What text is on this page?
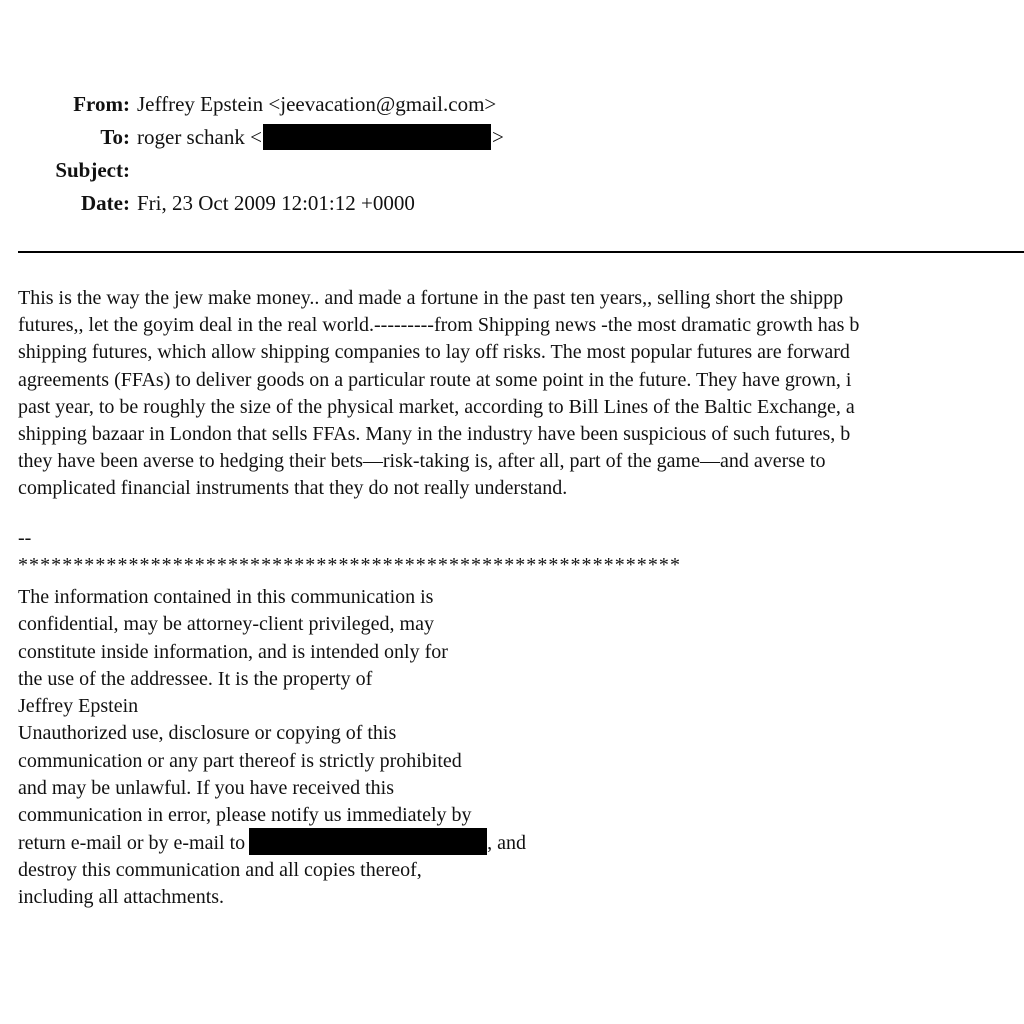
From: Jeffrey Epstein <jeevacation@gmail.com>
To: roger schank <	>
Subject:
Date: Fri, 23 Oct 2009 12:01:12 +0000
This is the way the jew make money.. and made a fortune in the past ten years,, selling short the shippp
futures,, let the goyim deal in the real world.---------from Shipping news -the most dramatic growth has b
shipping futures, which allow shipping companies to lay off risks. The most popular futures are forward
agreements (FFAs) to deliver goods on a particular route at some point in the future. They have grown, i
past year, to be roughly the size of the physical market, according to Bill Lines of the Baltic Exchange, a
shipping bazaar in London that sells FFAs. Many in the industry have been suspicious of such futures, b
they have been averse to hedging their bets—risk-taking is, after all, part of the game—and averse to
complicated financial instruments that they do not really understand.
--
************************************************************
The information contained in this communication is
confidential, may be attorney-client privileged, may
constitute inside information, and is intended only for
the use of the addressee. It is the property of
Jeffrey Epstein
Unauthorized use, disclosure or copying of this
communication or any part thereof is strictly prohibited
and may be unlawful. If you have received this
communication in error, please notify us immediately by
return e-mail or by e-mail to	, and
destroy this communication and all copies thereof,
including all attachments.
